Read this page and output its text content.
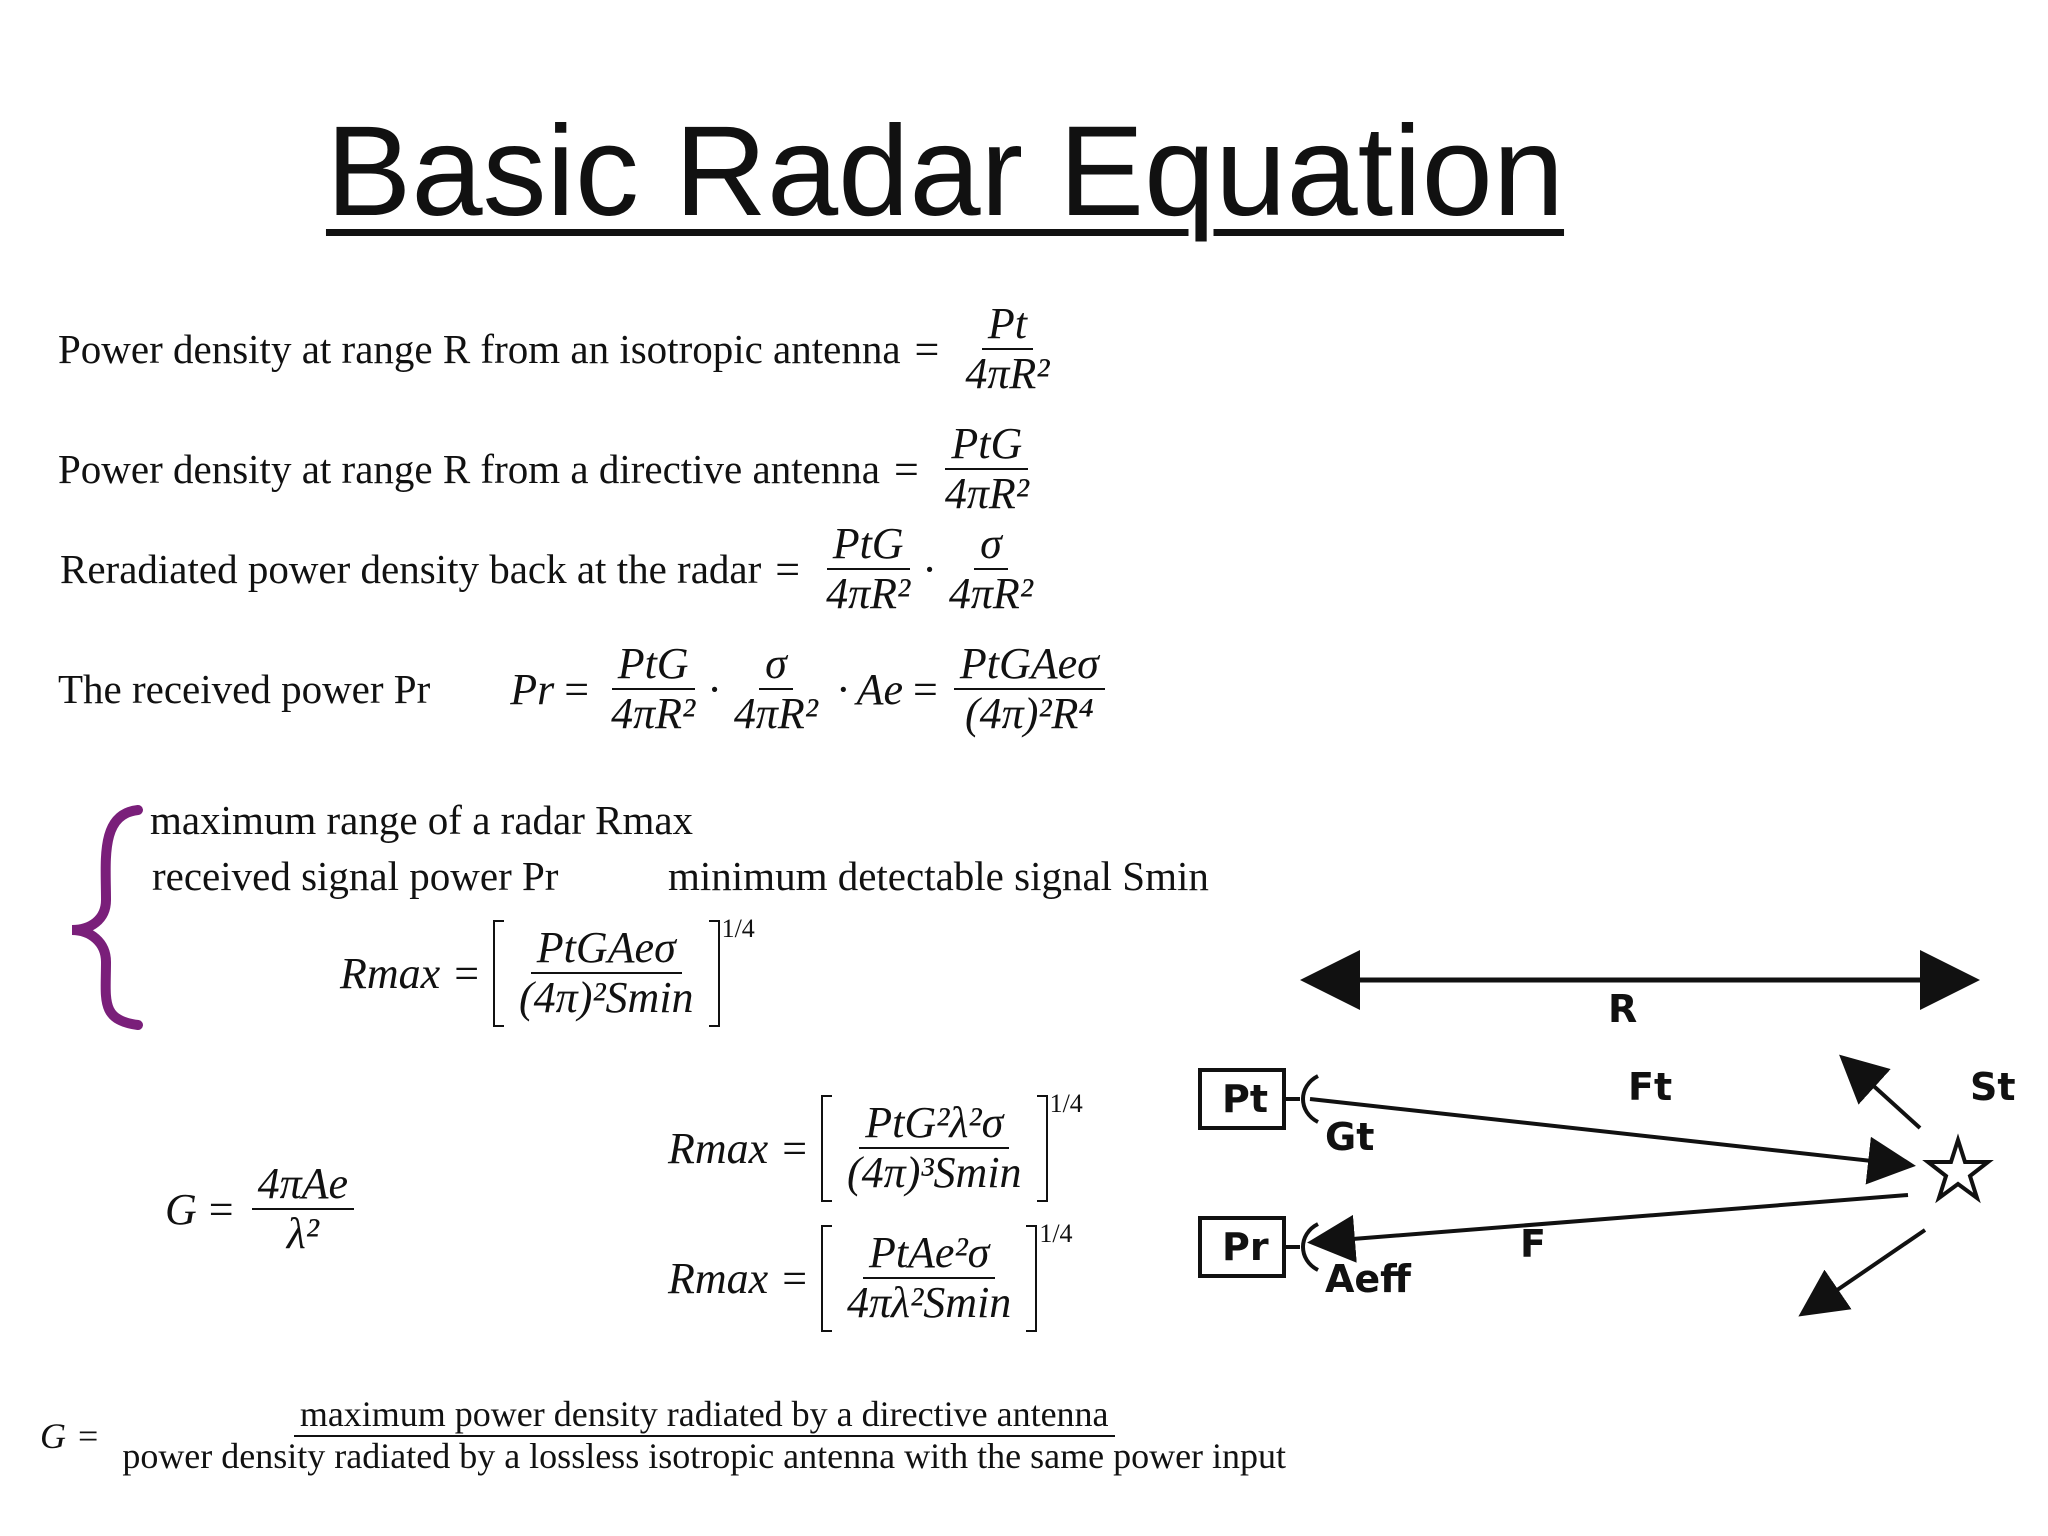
Basic Radar Equation
Power density at range R from an isotropic antenna = $\frac{Pt}{\text{4πR²}}$
Power density at range R from a directive antenna = $\frac{\text{PtG}}{\text{4πR²}}$
Reradiated power density back at the radar = $\frac{\text{PtG}}{\text{4πR²}} \cdot \frac{\sigma}{\text{4πR²}}$
The received power Pr $Pr = \frac{\text{PtG}}{\text{4πR²}} \cdot \frac{\sigma}{\text{4πR²}} \cdot Ae = \frac{\text{PtGAeσ}}{\text{(4π)²R⁴}}$
maximum range of a radar Rmax
received signal power Pr	minimum detectable signal Smin
$Rmax = \frac{\text{PtGAeσ}}{\text{(4π)²Smin}} 1/4$
$G = \frac{\text{4πAe}}{\text{λ²}}$
$Rmax = \frac{\text{PtG²λ²σ}}{\text{(4π)³Smin}} 1/4$
$Rmax = \frac{\text{PtAe²σ}}{\text{4πλ²Smin}} 1/4$
G =
maximum power density radiated by a directive antenna
power density radiated by a lossless isotropic antenna with the same power input
R
Pt
Pr
Gt
Aeff
Ft
F
St
